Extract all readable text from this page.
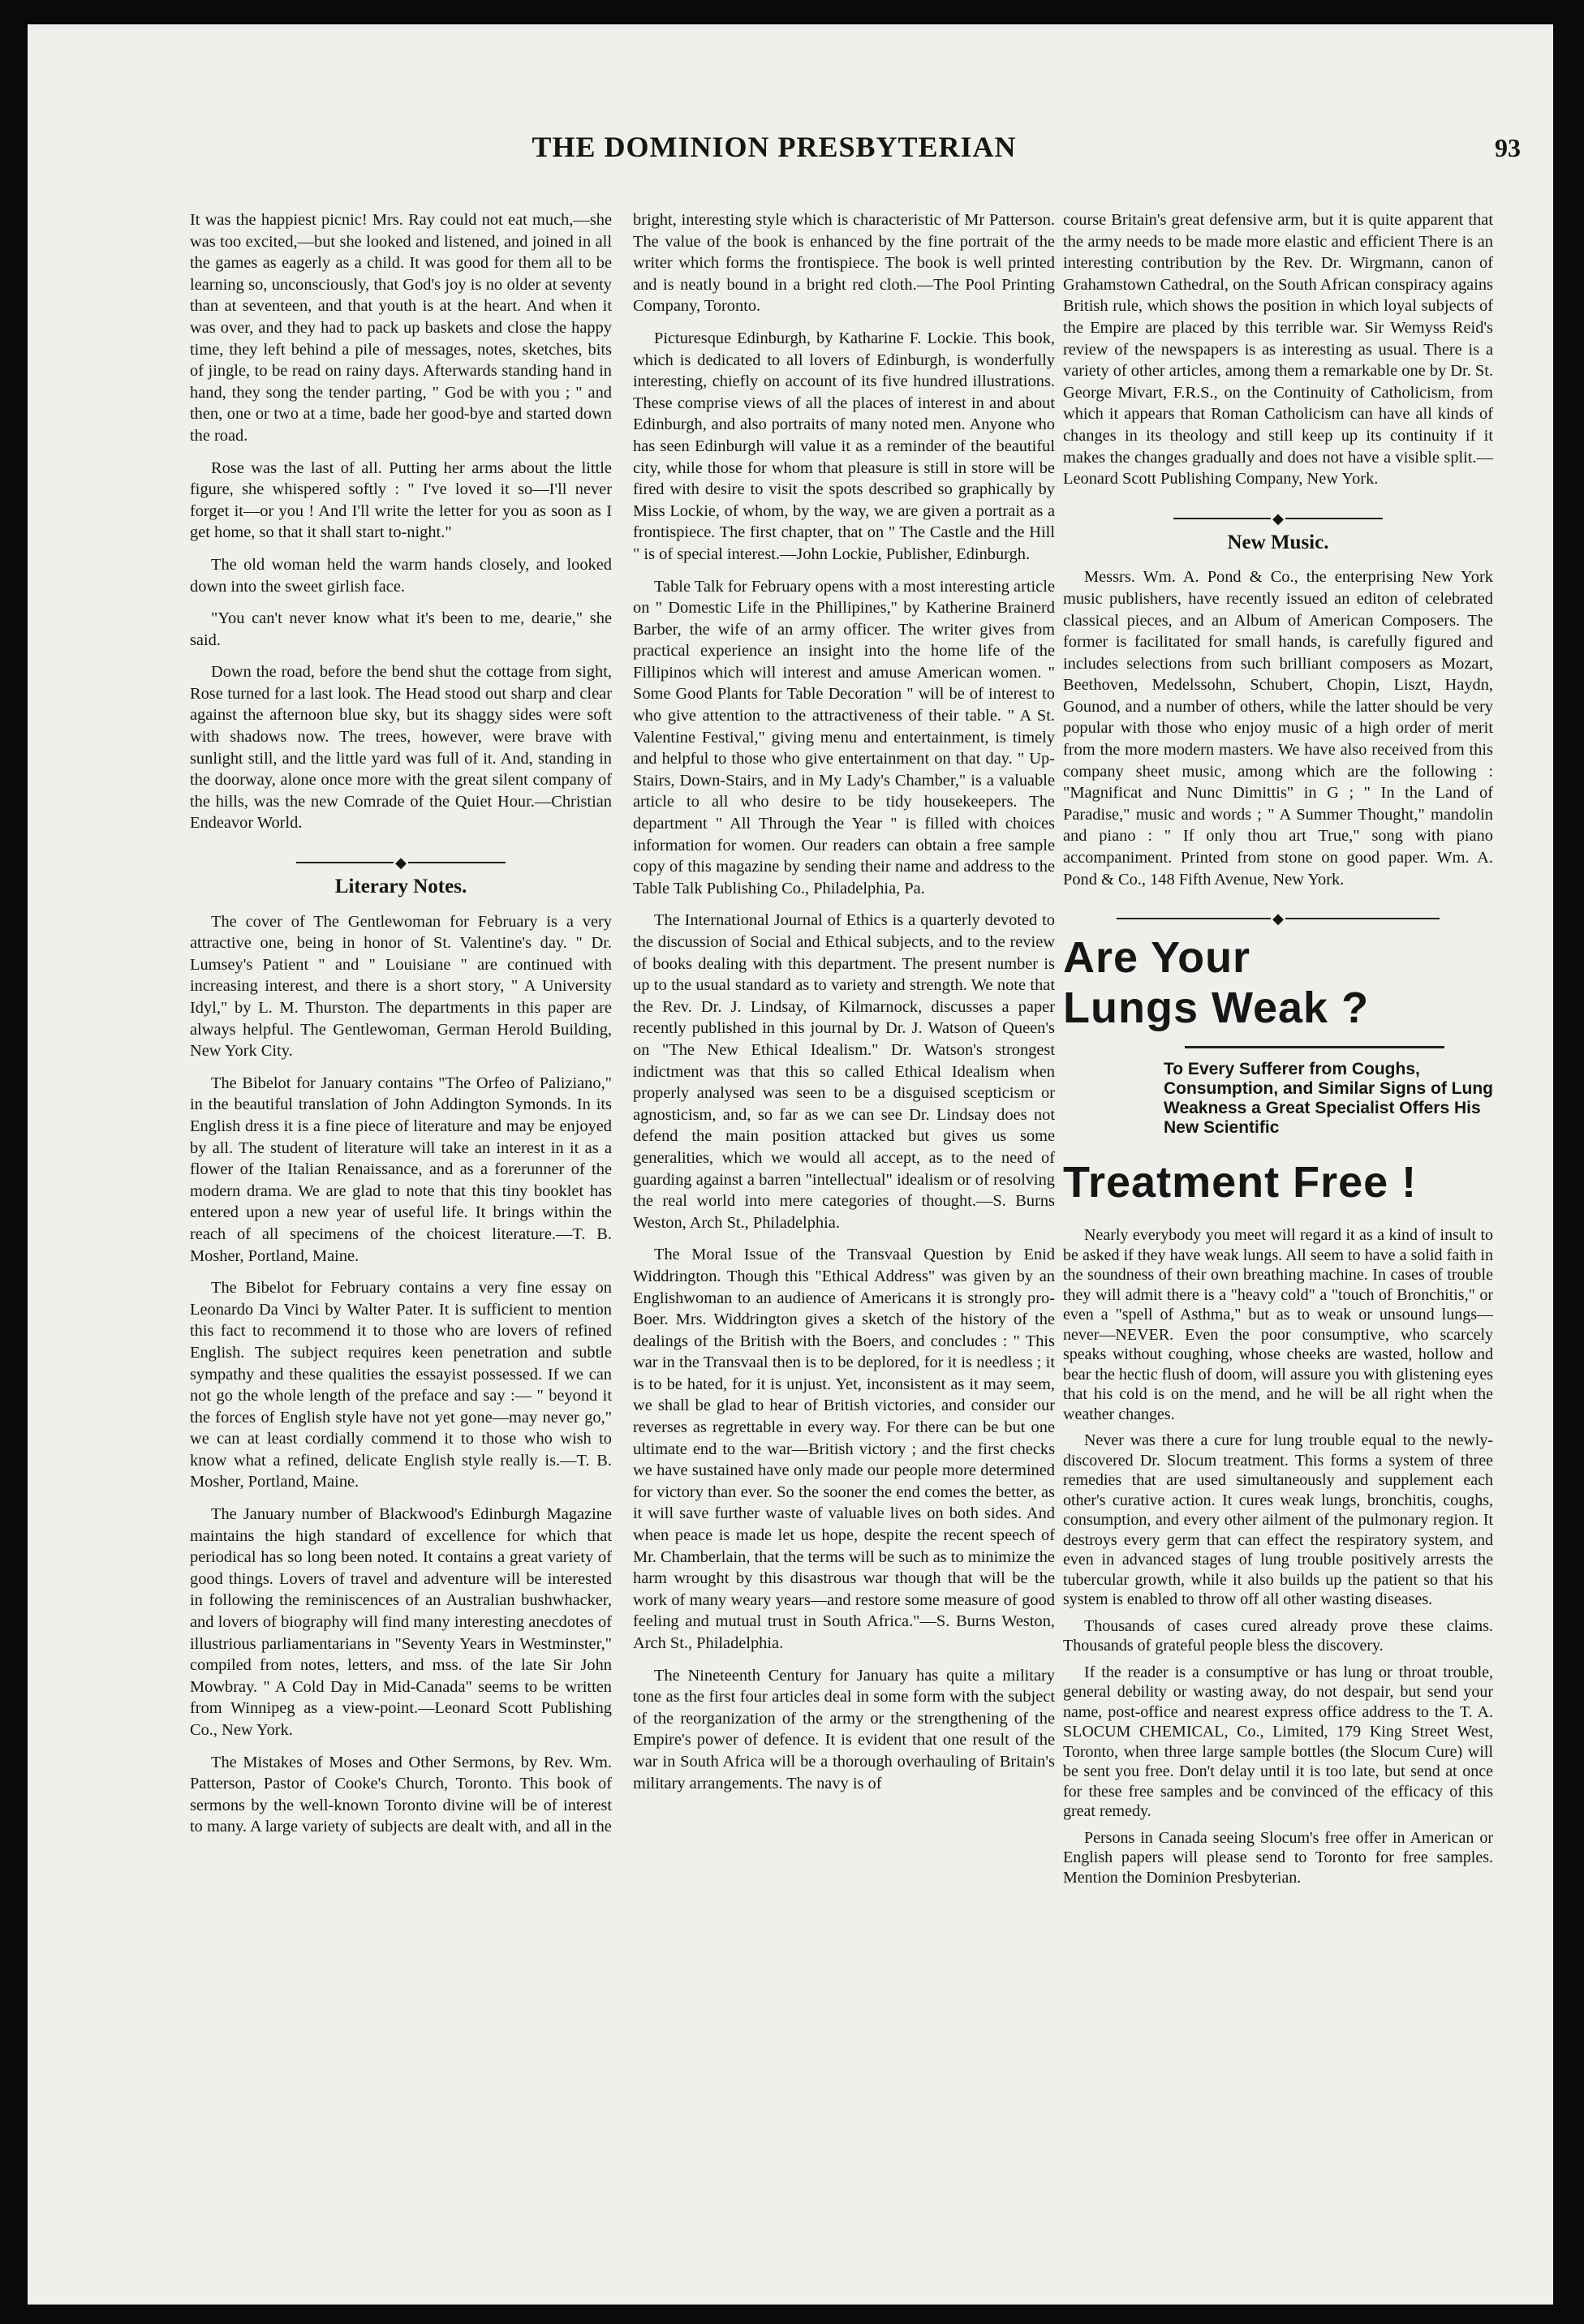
THE DOMINION PRESBYTERIAN	93

It was the happiest picnic! Mrs. Ray could not eat much,—she was too excited,—but she looked and listened, and joined in all the games as eagerly as a child. It was good for them all to be learning so, unconsciously, that God's joy is no older at seventy than at seventeen, and that youth is at the heart. And when it was over, and they had to pack up baskets and close the happy time, they left behind a pile of messages, notes, sketches, bits of jingle, to be read on rainy days. Afterwards standing hand in hand, they song the tender parting, " God be with you ; " and then, one or two at a time, bade her good-bye and started down the road.

Rose was the last of all. Putting her arms about the little figure, she whispered softly : " I've loved it so—I'll never forget it—or you ! And I'll write the letter for you as soon as I get home, so that it shall start to-night."

The old woman held the warm hands closely, and looked down into the sweet girlish face.

"You can't never know what it's been to me, dearie," she said.

Down the road, before the bend shut the cottage from sight, Rose turned for a last look. The Head stood out sharp and clear against the afternoon blue sky, but its shaggy sides were soft with shadows now. The trees, however, were brave with sunlight still, and the little yard was full of it. And, standing in the doorway, alone once more with the great silent company of the hills, was the new Comrade of the Quiet Hour.—Christian Endeavor World.

◆
Literary Notes.

The cover of The Gentlewoman for February is a very attractive one, being in honor of St. Valentine's day. " Dr. Lumsey's Patient " and " Louisiane " are continued with increasing interest, and there is a short story, " A University Idyl," by L. M. Thurston. The departments in this paper are always helpful. The Gentlewoman, German Herold Building, New York City.

The Bibelot for January contains "The Orfeo of Paliziano," in the beautiful translation of John Addington Symonds. In its English dress it is a fine piece of literature and may be enjoyed by all. The student of literature will take an interest in it as a flower of the Italian Renaissance, and as a forerunner of the modern drama. We are glad to note that this tiny booklet has entered upon a new year of useful life. It brings within the reach of all specimens of the choicest literature.—T. B. Mosher, Portland, Maine.

The Bibelot for February contains a very fine essay on Leonardo Da Vinci by Walter Pater. It is sufficient to mention this fact to recommend it to those who are lovers of refined English. The subject requires keen penetration and subtle sympathy and these qualities the essayist possessed. If we can not go the whole length of the preface and say :— " beyond it the forces of English style have not yet gone—may never go," we can at least cordially commend it to those who wish to know what a refined, delicate English style really is.—T. B. Mosher, Portland, Maine.

The January number of Blackwood's Edinburgh Magazine maintains the high standard of excellence for which that periodical has so long been noted. It contains a great variety of good things. Lovers of travel and adventure will be interested in following the reminiscences of an Australian bushwhacker, and lovers of biography will find many interesting anecdotes of illustrious parliamentarians in "Seventy Years in Westminster," compiled from notes, letters, and mss. of the late Sir John Mowbray. " A Cold Day in Mid-Canada" seems to be written from Winnipeg as a view-point.—Leonard Scott Publishing Co., New York.

The Mistakes of Moses and Other Sermons, by Rev. Wm. Patterson, Pastor of Cooke's Church, Toronto. This book of sermons by the well-known Toronto divine will be of interest to many. A large variety of subjects are dealt with, and all in the

bright, interesting style which is characteristic of Mr Patterson. The value of the book is enhanced by the fine portrait of the writer which forms the frontispiece. The book is well printed and is neatly bound in a bright red cloth.—The Pool Printing Company, Toronto.

Picturesque Edinburgh, by Katharine F. Lockie. This book, which is dedicated to all lovers of Edinburgh, is wonderfully interesting, chiefly on account of its five hundred illustrations. These comprise views of all the places of interest in and about Edinburgh, and also portraits of many noted men. Anyone who has seen Edinburgh will value it as a reminder of the beautiful city, while those for whom that pleasure is still in store will be fired with desire to visit the spots described so graphically by Miss Lockie, of whom, by the way, we are given a portrait as a frontispiece. The first chapter, that on " The Castle and the Hill " is of special interest.—John Lockie, Publisher, Edinburgh.

Table Talk for February opens with a most interesting article on " Domestic Life in the Phillipines," by Katherine Brainerd Barber, the wife of an army officer. The writer gives from practical experience an insight into the home life of the Fillipinos which will interest and amuse American women. " Some Good Plants for Table Decoration " will be of interest to who give attention to the attractiveness of their table. " A St. Valentine Festival," giving menu and entertainment, is timely and helpful to those who give entertainment on that day. " Up-Stairs, Down-Stairs, and in My Lady's Chamber," is a valuable article to all who desire to be tidy housekeepers. The department " All Through the Year " is filled with choices information for women. Our readers can obtain a free sample copy of this magazine by sending their name and address to the Table Talk Publishing Co., Philadelphia, Pa.

The International Journal of Ethics is a quarterly devoted to the discussion of Social and Ethical subjects, and to the review of books dealing with this department. The present number is up to the usual standard as to variety and strength. We note that the Rev. Dr. J. Lindsay, of Kilmarnock, discusses a paper recently published in this journal by Dr. J. Watson of Queen's on "The New Ethical Idealism." Dr. Watson's strongest indictment was that this so called Ethical Idealism when properly analysed was seen to be a disguised scepticism or agnosticism, and, so far as we can see Dr. Lindsay does not defend the main position attacked but gives us some generalities, which we would all accept, as to the need of guarding against a barren "intellectual" idealism or of resolving the real world into mere categories of thought.—S. Burns Weston, Arch St., Philadelphia.

The Moral Issue of the Transvaal Question by Enid Widdrington. Though this "Ethical Address" was given by an Englishwoman to an audience of Americans it is strongly pro-Boer. Mrs. Widdrington gives a sketch of the history of the dealings of the British with the Boers, and concludes : " This war in the Transvaal then is to be deplored, for it is needless ; it is to be hated, for it is unjust. Yet, inconsistent as it may seem, we shall be glad to hear of British victories, and consider our reverses as regrettable in every way. For there can be but one ultimate end to the war—British victory ; and the first checks we have sustained have only made our people more determined for victory than ever. So the sooner the end comes the better, as it will save further waste of valuable lives on both sides. And when peace is made let us hope, despite the recent speech of Mr. Chamberlain, that the terms will be such as to minimize the harm wrought by this disastrous war though that will be the work of many weary years—and restore some measure of good feeling and mutual trust in South Africa."—S. Burns Weston, Arch St., Philadelphia.

The Nineteenth Century for January has quite a military tone as the first four articles deal in some form with the subject of the reorganization of the army or the strengthening of the Empire's power of defence. It is evident that one result of the war in South Africa will be a thorough overhauling of Britain's military arrangements. The navy is of

course Britain's great defensive arm, but it is quite apparent that the army needs to be made more elastic and efficient There is an interesting contribution by the Rev. Dr. Wirgmann, canon of Grahamstown Cathedral, on the South African conspiracy agains British rule, which shows the position in which loyal subjects of the Empire are placed by this terrible war. Sir Wemyss Reid's review of the newspapers is as interesting as usual. There is a variety of other articles, among them a remarkable one by Dr. St. George Mivart, F.R.S., on the Continuity of Catholicism, from which it appears that Roman Catholicism can have all kinds of changes in its theology and still keep up its continuity if it makes the changes gradually and does not have a visible split.—Leonard Scott Publishing Company, New York.

◆
New Music.

Messrs. Wm. A. Pond & Co., the enterprising New York music publishers, have recently issued an editon of celebrated classical pieces, and an Album of American Composers. The former is facilitated for small hands, is carefully figured and includes selections from such brilliant composers as Mozart, Beethoven, Medelssohn, Schubert, Chopin, Liszt, Haydn, Gounod, and a number of others, while the latter should be very popular with those who enjoy music of a high order of merit from the more modern masters. We have also received from this company sheet music, among which are the following : "Magnificat and Nunc Dimittis" in G ; " In the Land of Paradise," music and words ; " A Summer Thought," mandolin and piano : " If only thou art True," song with piano accompaniment. Printed from stone on good paper. Wm. A. Pond & Co., 148 Fifth Avenue, New York.

◆
Are Your
Lungs Weak ?
To Every Sufferer from Coughs, Consumption, and Similar Signs of Lung Weakness a Great Specialist Offers His New Scientific
Treatment Free !

Nearly everybody you meet will regard it as a kind of insult to be asked if they have weak lungs. All seem to have a solid faith in the soundness of their own breathing machine. In cases of trouble they will admit there is a "heavy cold" a "touch of Bronchitis," or even a "spell of Asthma," but as to weak or unsound lungs—never—NEVER. Even the poor consumptive, who scarcely speaks without coughing, whose cheeks are wasted, hollow and bear the hectic flush of doom, will assure you with glistening eyes that his cold is on the mend, and he will be all right when the weather changes.

Never was there a cure for lung trouble equal to the newly-discovered Dr. Slocum treatment. This forms a system of three remedies that are used simultaneously and supplement each other's curative action. It cures weak lungs, bronchitis, coughs, consumption, and every other ailment of the pulmonary region. It destroys every germ that can effect the respiratory system, and even in advanced stages of lung trouble positively arrests the tubercular growth, while it also builds up the patient so that his system is enabled to throw off all other wasting diseases.

Thousands of cases cured already prove these claims. Thousands of grateful people bless the discovery.

If the reader is a consumptive or has lung or throat trouble, general debility or wasting away, do not despair, but send your name, post-office and nearest express office address to the T. A. SLOCUM CHEMICAL, Co., Limited, 179 King Street West, Toronto, when three large sample bottles (the Slocum Cure) will be sent you free. Don't delay until it is too late, but send at once for these free samples and be convinced of the efficacy of this great remedy.

Persons in Canada seeing Slocum's free offer in American or English papers will please send to Toronto for free samples. Mention the Dominion Presbyterian.
